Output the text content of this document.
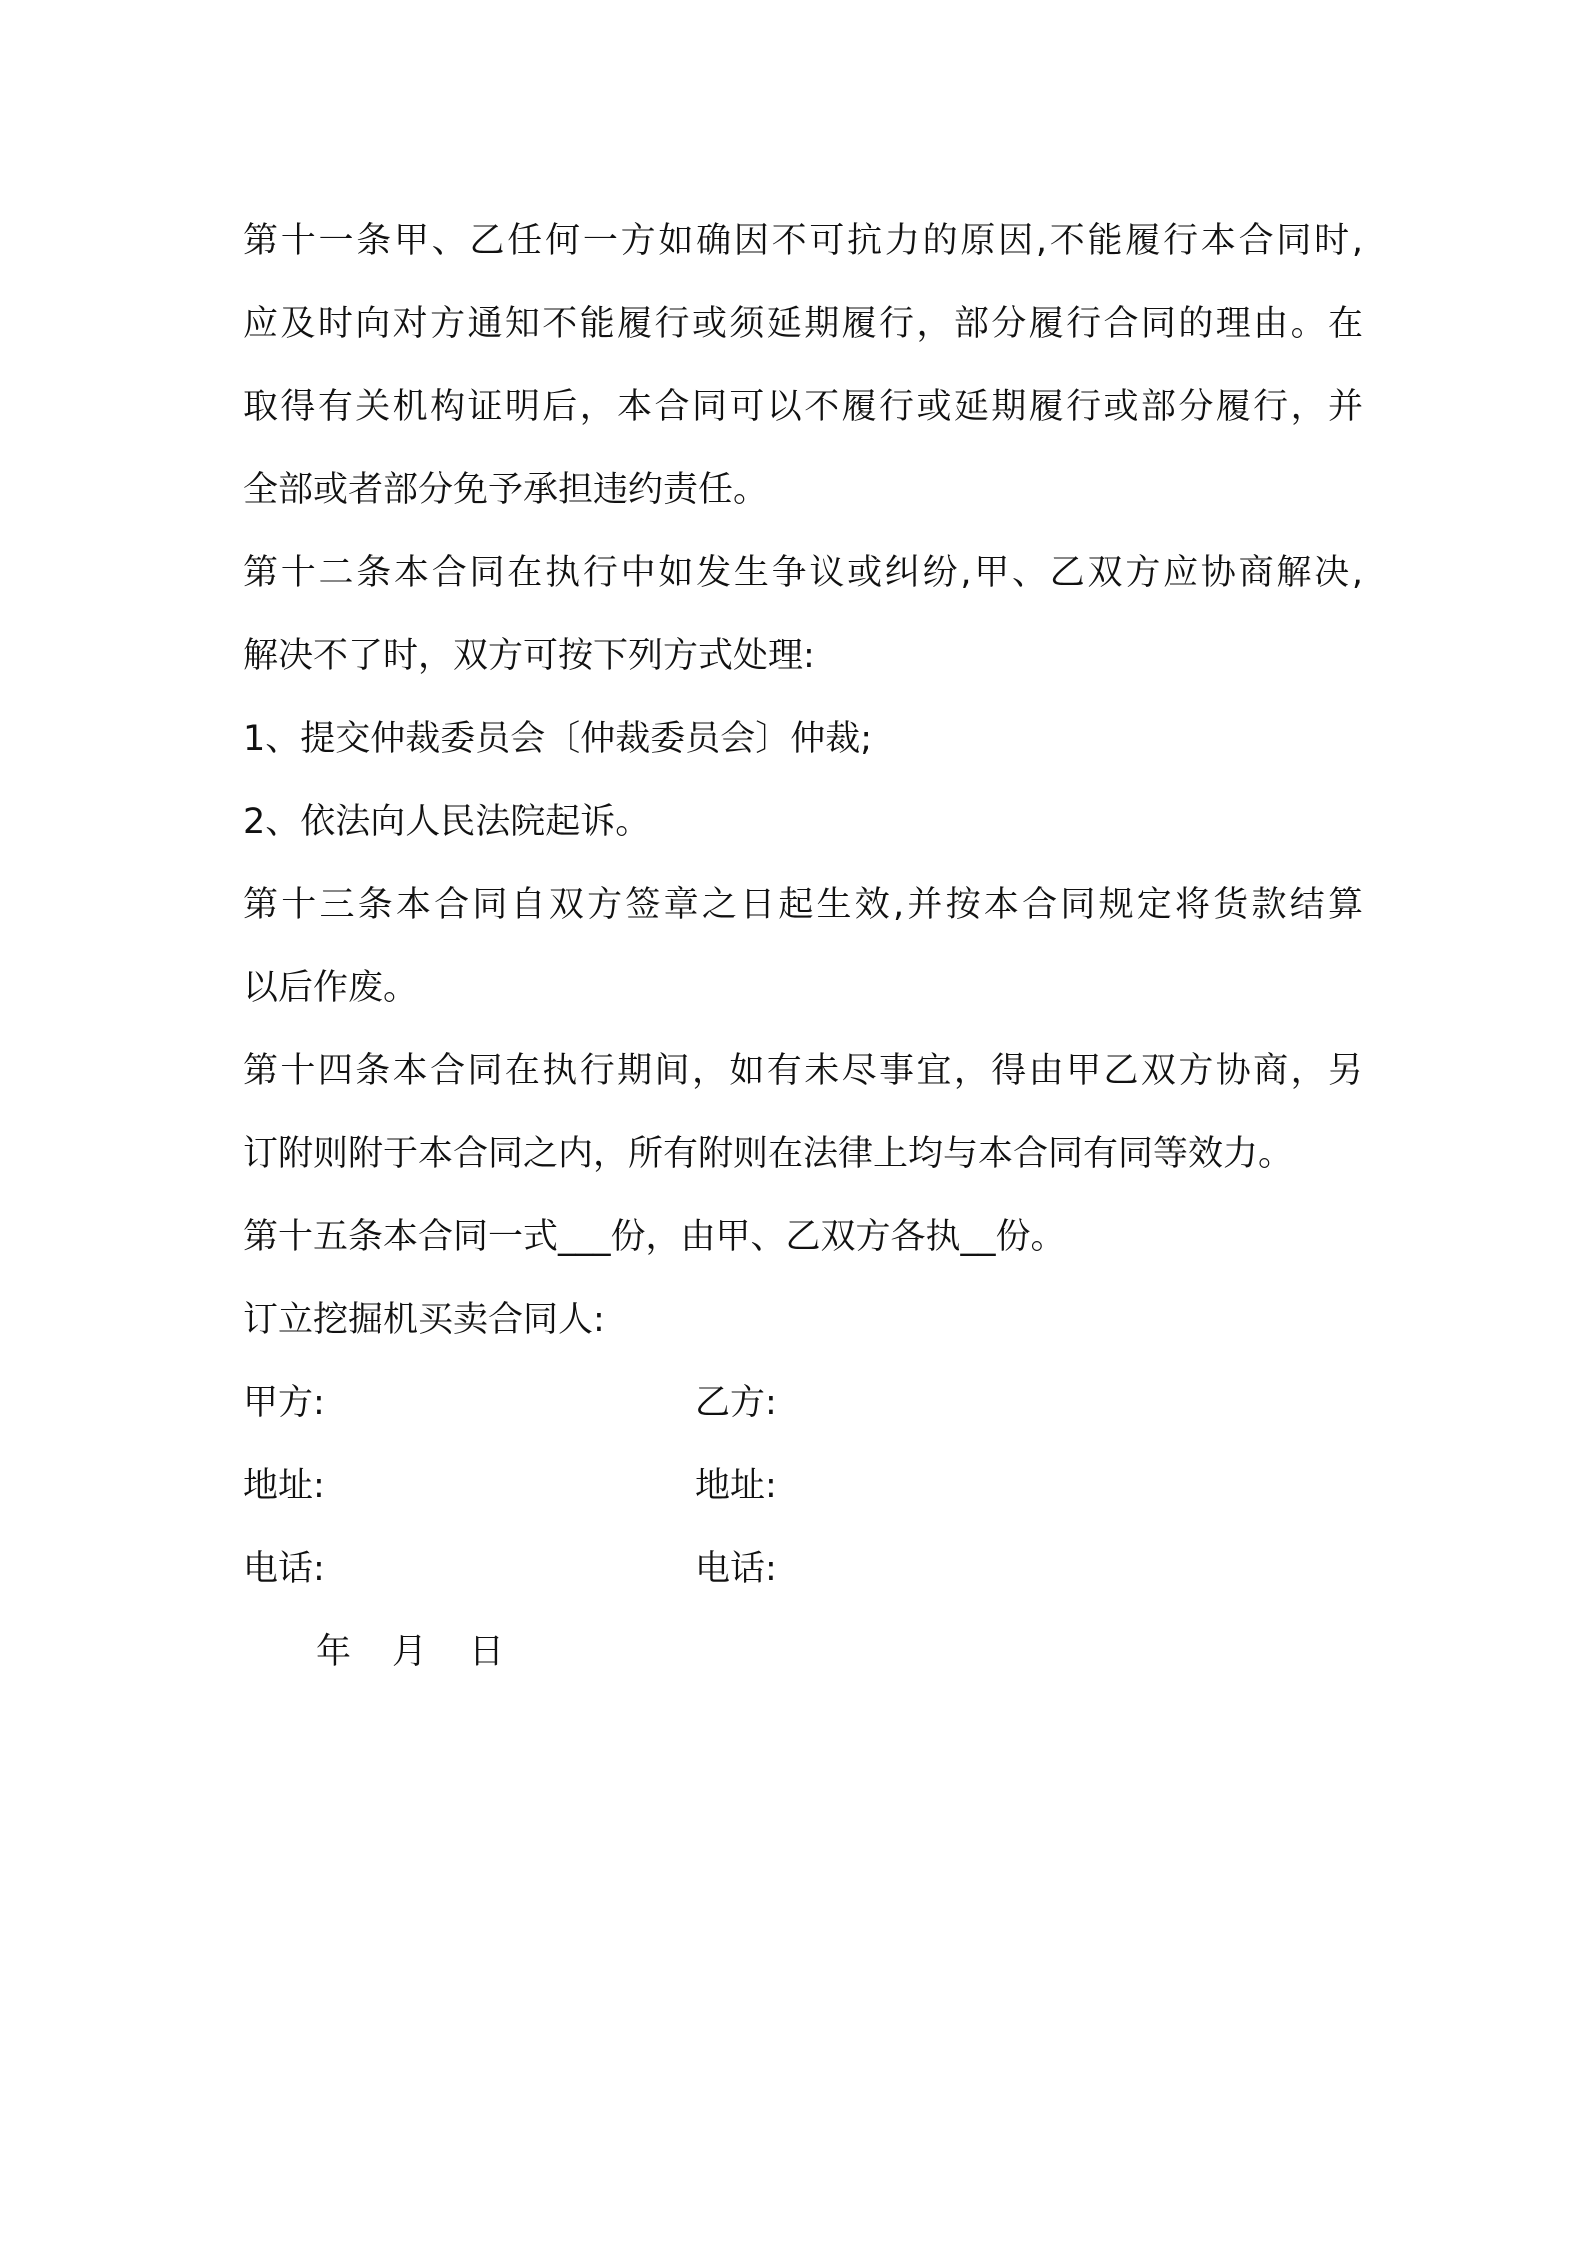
第十一条甲、乙任何一方如确因不可抗力的原因,不能履行本合同时,
应及时向对方通知不能履行或须延期履行，部分履行合同的理由。在
取得有关机构证明后，本合同可以不履行或延期履行或部分履行，并
全部或者部分免予承担违约责任。
第十二条本合同在执行中如发生争议或纠纷,甲、乙双方应协商解决,
解决不了时，双方可按下列方式处理:
1、提交仲裁委员会〔仲裁委员会〕仲裁;
2、依法向人民法院起诉。
第十三条本合同自双方签章之日起生效,并按本合同规定将货款结算
以后作废。
第十四条本合同在执行期间，如有未尽事宜，得由甲乙双方协商，另
订附则附于本合同之内，所有附则在法律上均与本合同有同等效力。
第十五条本合同一式___份，由甲、乙双方各执__份。
订立挖掘机买卖合同人:
甲方:	乙方:
地址:	地址:
电话:	电话:
年 月 日
